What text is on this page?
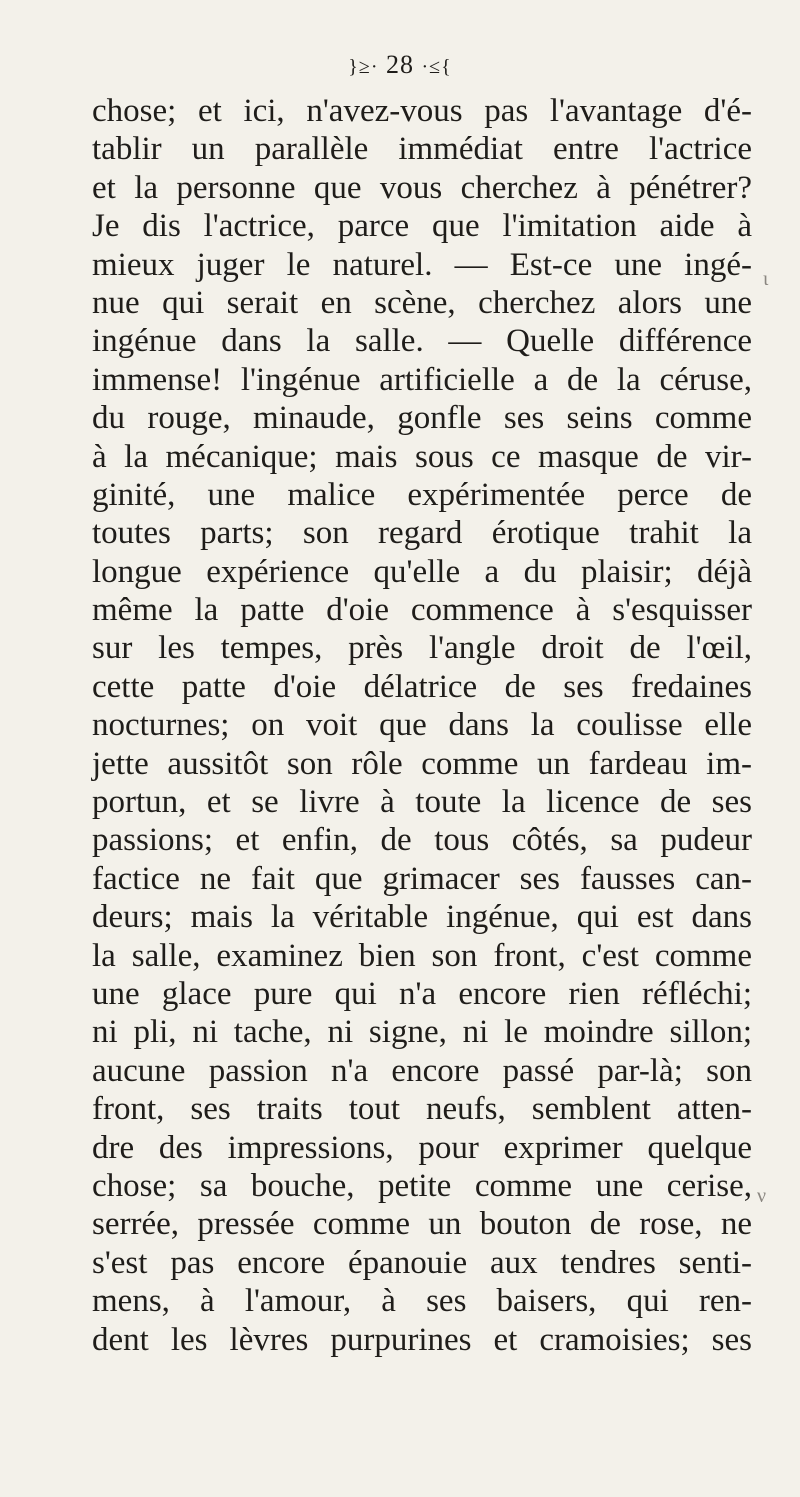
}≥· 28 ·≤{
chose; et ici, n'avez-vous pas l'avantage d'é-
tablir un parallèle immédiat entre l'actrice
et la personne que vous cherchez à pénétrer?
Je dis l'actrice, parce que l'imitation aide à
mieux juger le naturel. — Est-ce une ingé-
nue qui serait en scène, cherchez alors une
ingénue dans la salle. — Quelle différence
immense! l'ingénue artificielle a de la céruse,
du rouge, minaude, gonfle ses seins comme
à la mécanique; mais sous ce masque de vir-
ginité, une malice expérimentée perce de
toutes parts; son regard érotique trahit la
longue expérience qu'elle a du plaisir; déjà
même la patte d'oie commence à s'esquisser
sur les tempes, près l'angle droit de l'œil,
cette patte d'oie délatrice de ses fredaines
nocturnes; on voit que dans la coulisse elle
jette aussitôt son rôle comme un fardeau im-
portun, et se livre à toute la licence de ses
passions; et enfin, de tous côtés, sa pudeur
factice ne fait que grimacer ses fausses can-
deurs; mais la véritable ingénue, qui est dans
la salle, examinez bien son front, c'est comme
une glace pure qui n'a encore rien réfléchi;
ni pli, ni tache, ni signe, ni le moindre sillon;
aucune passion n'a encore passé par-là; son
front, ses traits tout neufs, semblent atten-
dre des impressions, pour exprimer quelque
chose; sa bouche, petite comme une cerise,
serrée, pressée comme un bouton de rose, ne
s'est pas encore épanouie aux tendres senti-
mens, à l'amour, à ses baisers, qui ren-
dent les lèvres purpurines et cramoisies; ses
ι
ν
